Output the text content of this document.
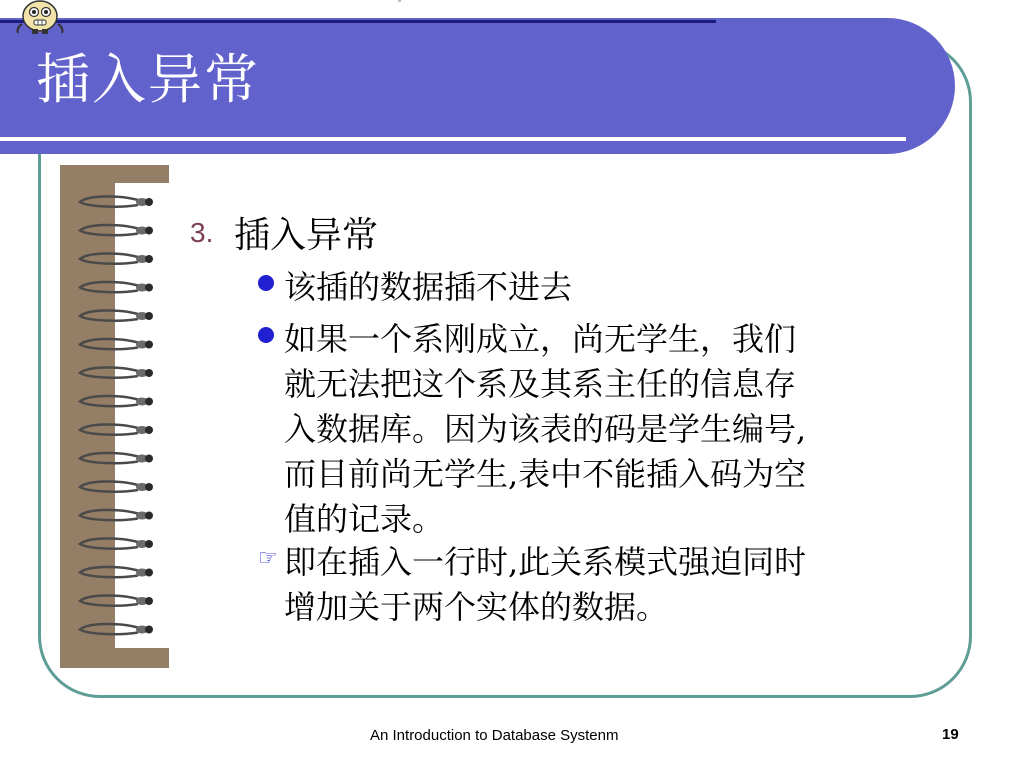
插入异常
3. 插入异常
该插的数据插不进去
如果一个系刚成立，尚无学生，我们
就无法把这个系及其系主任的信息存
入数据库。因为该表的码是学生编号,
而目前尚无学生,表中不能插入码为空
值的记录。
☞ 即在插入一行时,此关系模式强迫同时
增加关于两个实体的数据。
An Introduction to Database Systenm	19
